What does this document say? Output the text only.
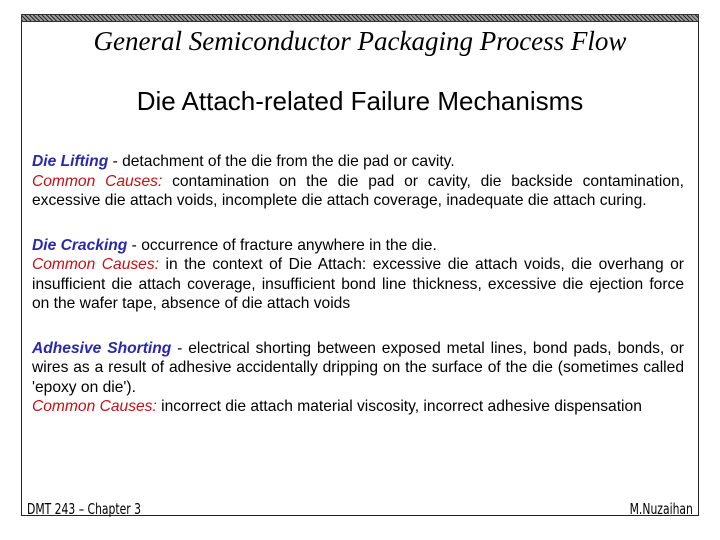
General Semiconductor Packaging Process Flow
Die Attach-related Failure Mechanisms

Die Lifting - detachment of the die from the die pad or cavity.

Common Causes: contamination on the die pad or cavity, die backside contamination, excessive die attach voids, incomplete die attach coverage, inadequate die attach curing.

Die Cracking - occurrence of fracture anywhere in the die.

Common Causes: in the context of Die Attach: excessive die attach voids, die overhang or insufficient die attach coverage, insufficient bond line thickness, excessive die ejection force on the wafer tape, absence of die attach voids

Adhesive Shorting - electrical shorting between exposed metal lines, bond pads, bonds, or wires as a result of adhesive accidentally dripping on the surface of the die (sometimes called 'epoxy on die').

Common Causes: incorrect die attach material viscosity, incorrect adhesive dispensation

DMT 243 – Chapter 3	M.Nuzaihan
